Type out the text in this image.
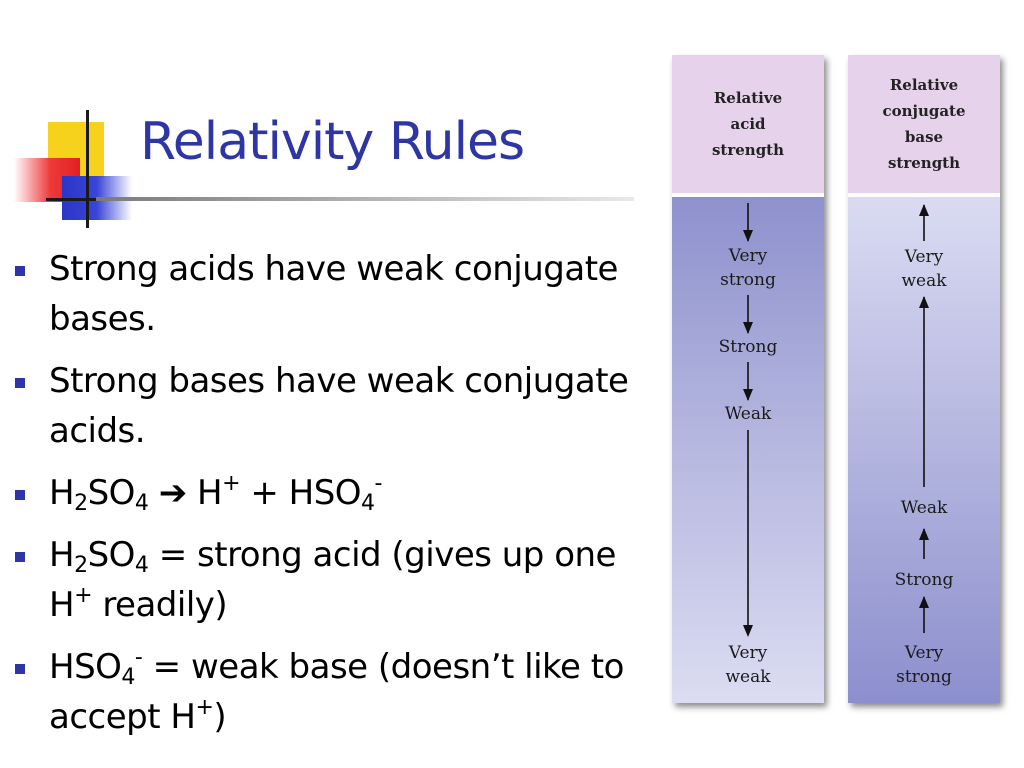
Relativity Rules
Strong acids have weak conjugate bases.
Strong bases have weak conjugate acids.
$H_2SO_4$ ➔ $H^+ + HSO_4^-$
$H_2SO_4$ = strong acid (gives up one H+ readily)
$HSO_4^-$ = weak base (doesn’t like to accept H+)
Relative
acid
strength
Very
strong
Strong
Weak
Very
weak
Relative
conjugate
base
strength
Very
weak
Weak
Strong
Very
strong
